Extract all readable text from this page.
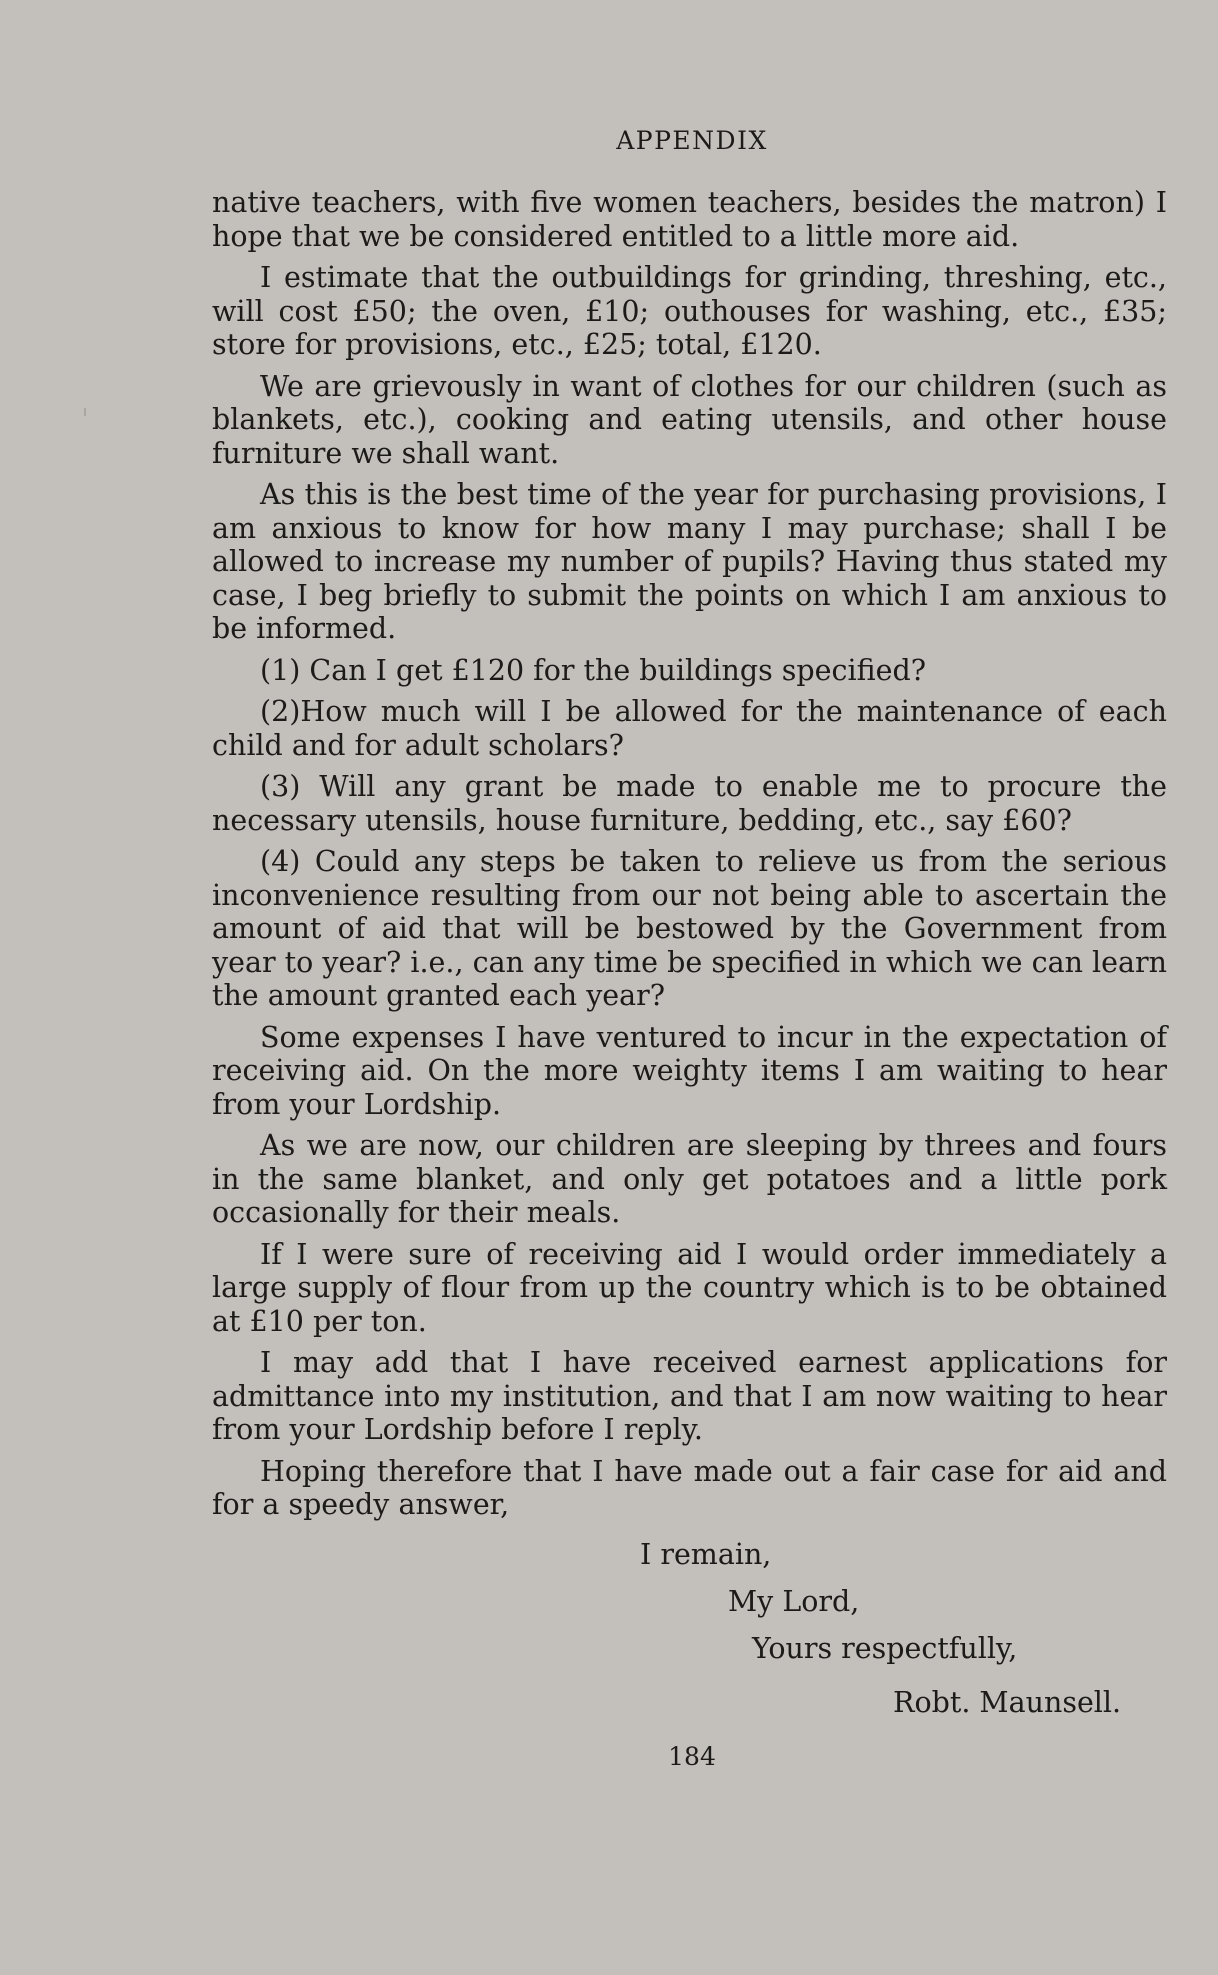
APPENDIX

native teachers, with five women teachers, besides the matron) I hope that we be considered entitled to a little more aid.

I estimate that the outbuildings for grinding, threshing, etc., will cost £50; the oven, £10; outhouses for washing, etc., £35; store for provisions, etc., £25; total, £120.

We are grievously in want of clothes for our children (such as blankets, etc.), cooking and eating utensils, and other house furniture we shall want.

As this is the best time of the year for purchasing provisions, I am anxious to know for how many I may purchase; shall I be allowed to increase my number of pupils? Having thus stated my case, I beg briefly to submit the points on which I am anxious to be informed.

(1) Can I get £120 for the buildings specified?

(2)How much will I be allowed for the maintenance of each child and for adult scholars?

(3) Will any grant be made to enable me to procure the necessary utensils, house furniture, bedding, etc., say £60?

(4) Could any steps be taken to relieve us from the serious inconvenience resulting from our not being able to ascertain the amount of aid that will be bestowed by the Government from year to year? i.e., can any time be specified in which we can learn the amount granted each year?

Some expenses I have ventured to incur in the expectation of receiving aid. On the more weighty items I am waiting to hear from your Lordship.

As we are now, our children are sleeping by threes and fours in the same blanket, and only get potatoes and a little pork occasionally for their meals.

If I were sure of receiving aid I would order immediately a large supply of flour from up the country which is to be obtained at £10 per ton.

I may add that I have received earnest applications for admittance into my institution, and that I am now waiting to hear from your Lordship before I reply.

Hoping therefore that I have made out a fair case for aid and for a speedy answer,

I remain,
My Lord,
Yours respectfully,
Robt. Maunsell.
184
